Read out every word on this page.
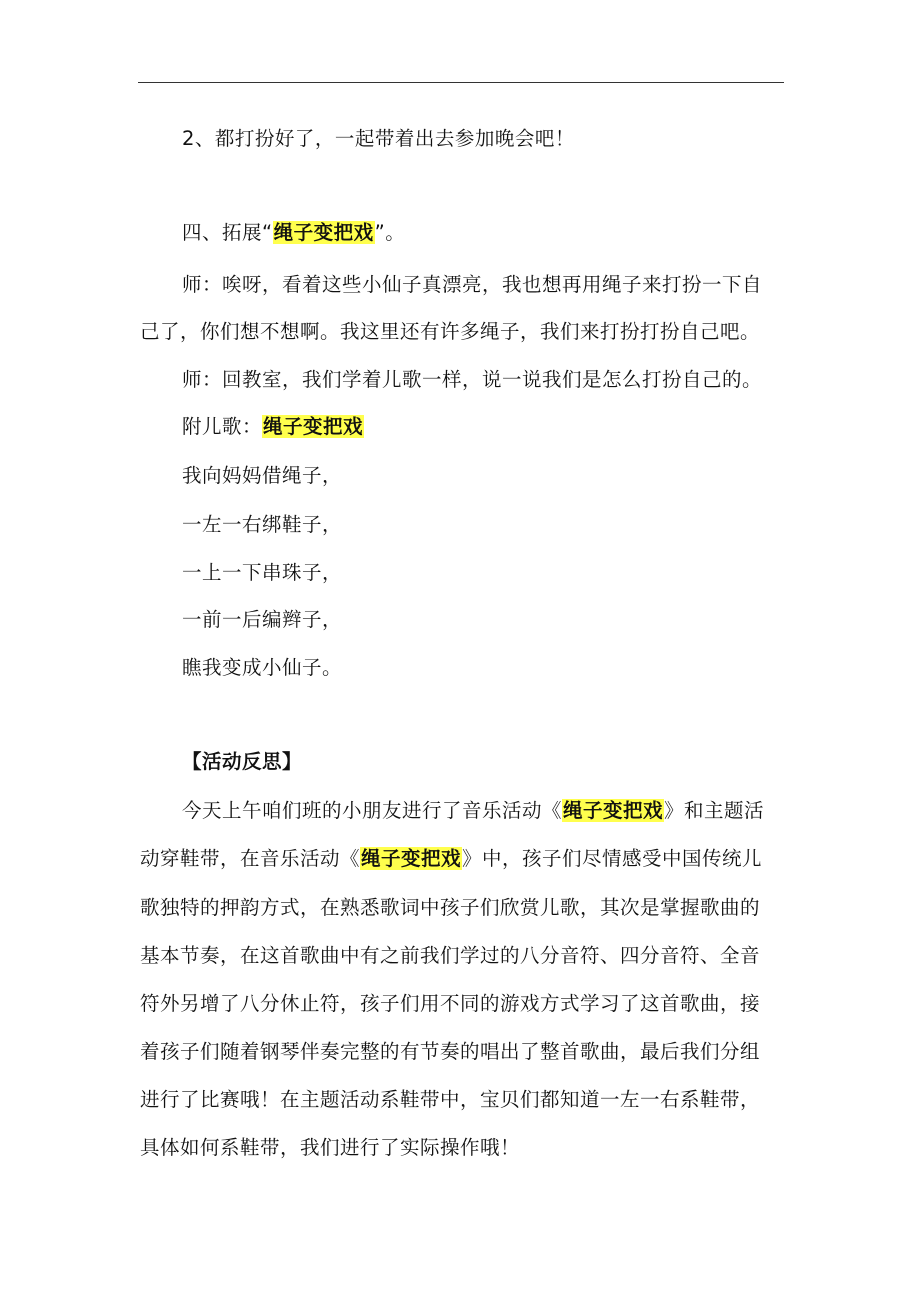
2、都打扮好了，一起带着出去参加晚会吧！
四、拓展“绳子变把戏”。
师：唉呀，看着这些小仙子真漂亮，我也想再用绳子来打扮一下自
己了，你们想不想啊。我这里还有许多绳子，我们来打扮打扮自己吧。
师：回教室，我们学着儿歌一样，说一说我们是怎么打扮自己的。
附儿歌：绳子变把戏
我向妈妈借绳子，
一左一右绑鞋子，
一上一下串珠子，
一前一后编辫子，
瞧我变成小仙子。
【活动反思】
今天上午咱们班的小朋友进行了音乐活动《绳子变把戏》和主题活
动穿鞋带，在音乐活动《绳子变把戏》中，孩子们尽情感受中国传统儿
歌独特的押韵方式，在熟悉歌词中孩子们欣赏儿歌，其次是掌握歌曲的
基本节奏，在这首歌曲中有之前我们学过的八分音符、四分音符、全音
符外另增了八分休止符，孩子们用不同的游戏方式学习了这首歌曲，接
着孩子们随着钢琴伴奏完整的有节奏的唱出了整首歌曲，最后我们分组
进行了比赛哦！在主题活动系鞋带中，宝贝们都知道一左一右系鞋带，
具体如何系鞋带，我们进行了实际操作哦！
